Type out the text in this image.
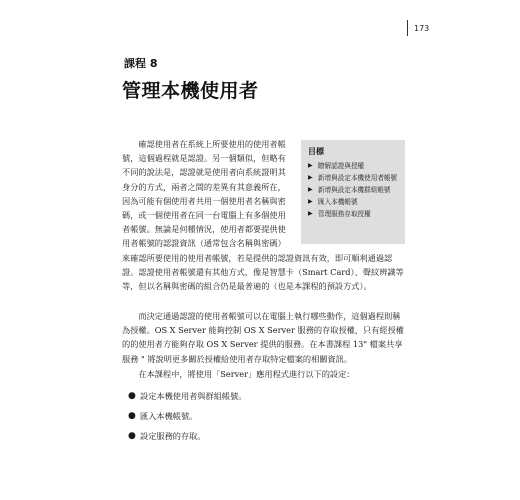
173
課程 8
管理本機使用者
確認使用者在系統上所要使用的使用者帳
號，這個過程就是認證。另一個類似，但略有
不同的說法是，認證就是使用者向系統證明其
身分的方式，兩者之間的差異有其意義所在，
因為可能有個使用者共用一個使用者名稱與密
碼，或一個使用者在同一台電腦上有多個使用
者帳號。無論是何種情況，使用者都要提供使
用者帳號的認證資訊（通常包含名稱與密碼）
目標
▶ 瞭解認證與授權
▶ 新增與設定本機使用者帳號
▶ 新增與設定本機群組帳號
▶ 匯入本機帳號
▶ 管理服務存取授權

來確認所要使用的使用者帳號，若是提供的認證資訊有效，即可順利通過認證。認證使用者帳號還有其他方式，像是智慧卡（Smart Card）、聲紋辨識等等，但以名稱與密碼的組合仍是最普遍的（也是本課程的預設方式）。

而決定通過認證的使用者帳號可以在電腦上執行哪些動作，這個過程則稱為授權。OS X Server 能夠控制 OS X Server 服務的存取授權，只有經授權的的使用者方能夠存取 OS X Server 提供的服務。在本書課程 13" 檔案共享服務 " 將說明更多關於授權給使用者存取特定檔案的相關資訊。

在本課程中，將使用「Server」應用程式進行以下的設定：

● 設定本機使用者與群組帳號。
● 匯入本機帳號。
● 設定服務的存取。
